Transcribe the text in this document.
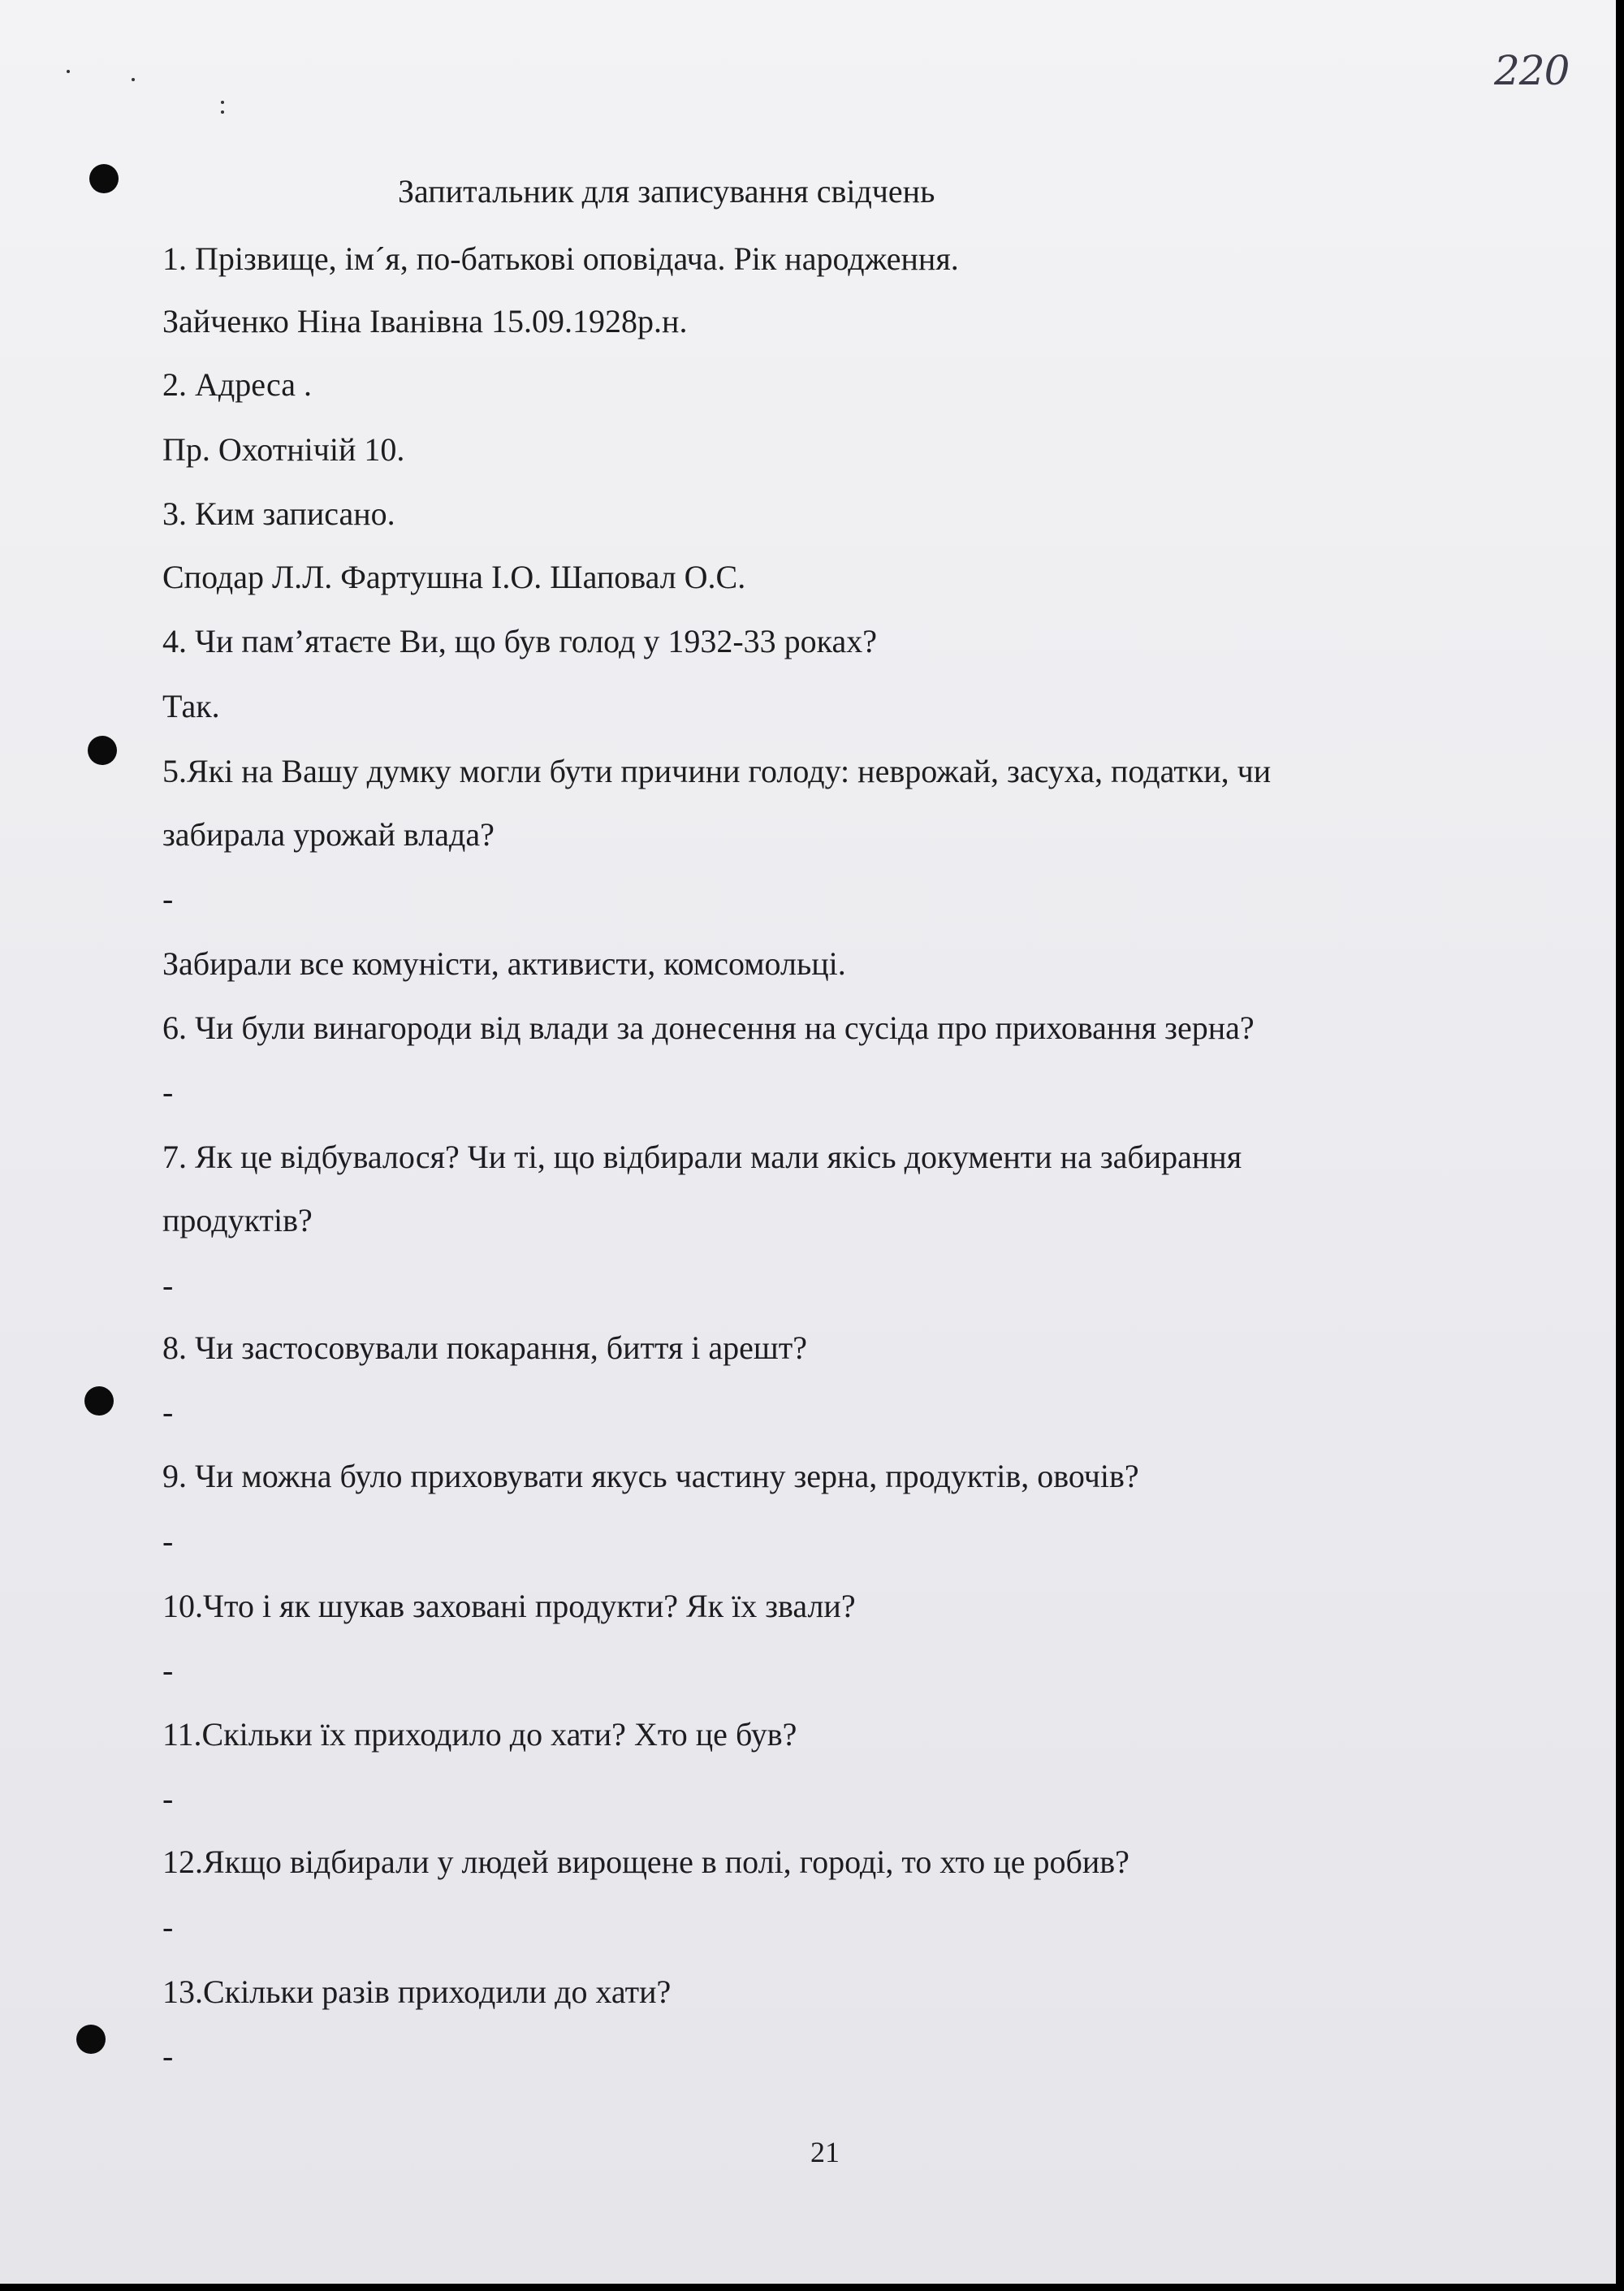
220
Запитальник для записування свідчень
1. Прізвище, ім´я, по-батькові оповідача. Рік народження.
Зайченко Ніна Іванівна 15.09.1928р.н.
2. Адреса .
Пр. Охотнічій 10.
3. Ким записано.
Сподар Л.Л. Фартушна І.О. Шаповал О.С.
4. Чи пам’ятаєте Ви, що був голод у 1932-33 роках?
Так.
5.Які на Вашу думку могли бути причини голоду: неврожай, засуха, податки, чи
забирала урожай влада?
-
Забирали все комуністи, активисти, комсомольці.
6. Чи були винагороди від влади за донесення на сусіда про приховання зерна?
-
7. Як це відбувалося? Чи ті, що відбирали мали якісь документи на забирання
продуктів?
-
8. Чи застосовували покарання, биття і арешт?
-
9. Чи можна було приховувати якусь частину зерна, продуктів, овочів?
-
10.Что і як шукав заховані продукти? Як їх звали?
-
11.Скільки їх приходило до хати? Хто це був?
-
12.Якщо відбирали у людей вирощене в полі, городі, то хто це робив?
-
13.Скільки разів приходили до хати?
-
21
